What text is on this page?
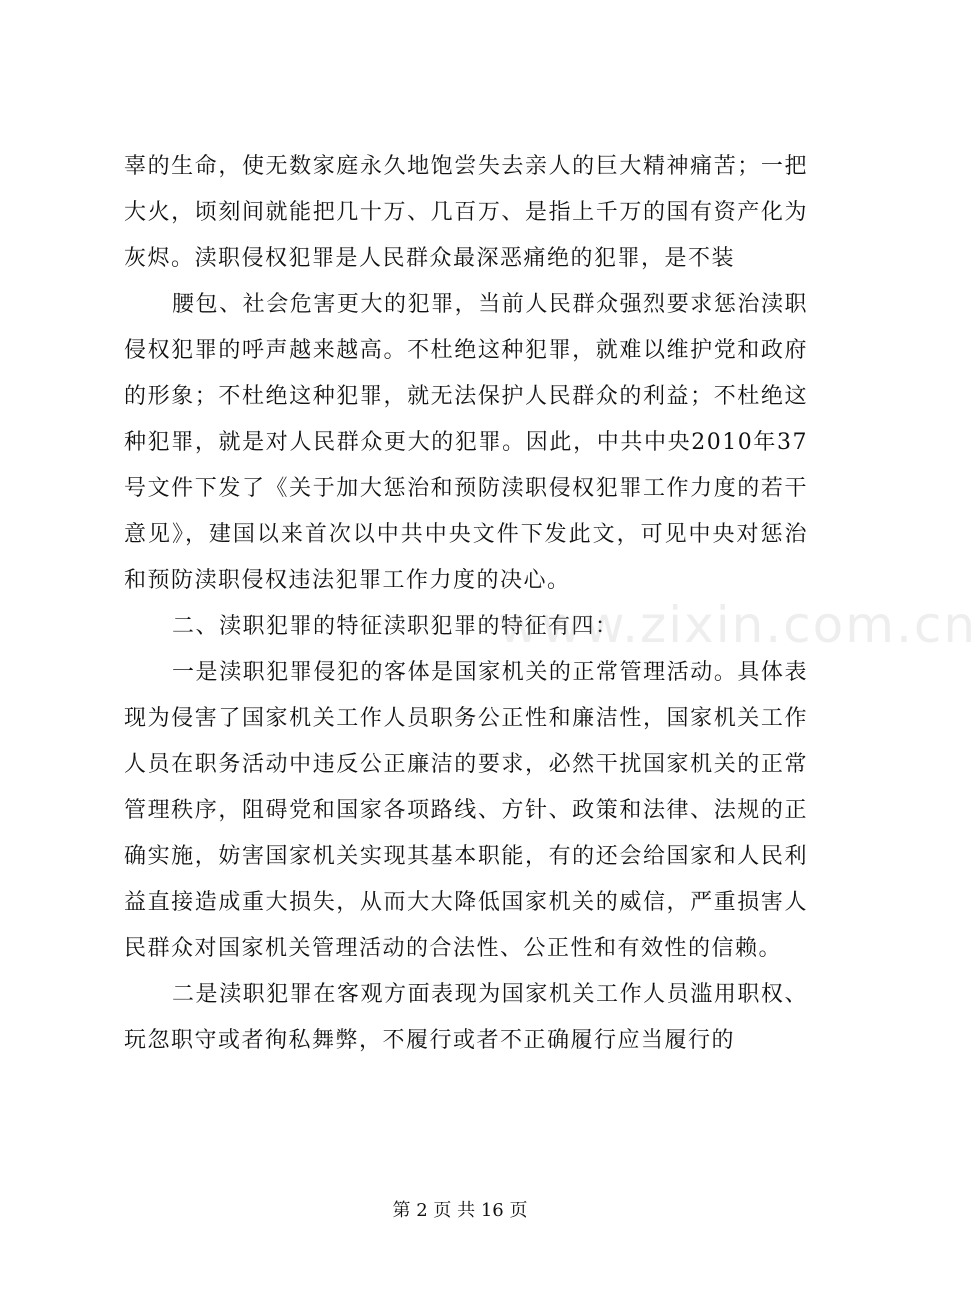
辜的生命，使无数家庭永久地饱尝失去亲人的巨大精神痛苦；一把大火，顷刻间就能把几十万、几百万、是指上千万的国有资产化为灰烬。渎职侵权犯罪是人民群众最深恶痛绝的犯罪，是不装

腰包、社会危害更大的犯罪，当前人民群众强烈要求惩治渎职侵权犯罪的呼声越来越高。不杜绝这种犯罪，就难以维护党和政府的形象；不杜绝这种犯罪，就无法保护人民群众的利益；不杜绝这种犯罪，就是对人民群众更大的犯罪。因此，中共中央2010年37号文件下发了《关于加大惩治和预防渎职侵权犯罪工作力度的若干意见》，建国以来首次以中共中央文件下发此文，可见中央对惩治和预防渎职侵权违法犯罪工作力度的决心。

二、渎职犯罪的特征渎职犯罪的特征有四：

一是渎职犯罪侵犯的客体是国家机关的正常管理活动。具体表现为侵害了国家机关工作人员职务公正性和廉洁性，国家机关工作人员在职务活动中违反公正廉洁的要求，必然干扰国家机关的正常管理秩序，阻碍党和国家各项路线、方针、政策和法律、法规的正确实施，妨害国家机关实现其基本职能，有的还会给国家和人民利益直接造成重大损失，从而大大降低国家机关的威信，严重损害人民群众对国家机关管理活动的合法性、公正性和有效性的信赖。

二是渎职犯罪在客观方面表现为国家机关工作人员滥用职权、玩忽职守或者徇私舞弊，不履行或者不正确履行应当履行的

www.zixin.com.cn
第 2 页 共 16 页
